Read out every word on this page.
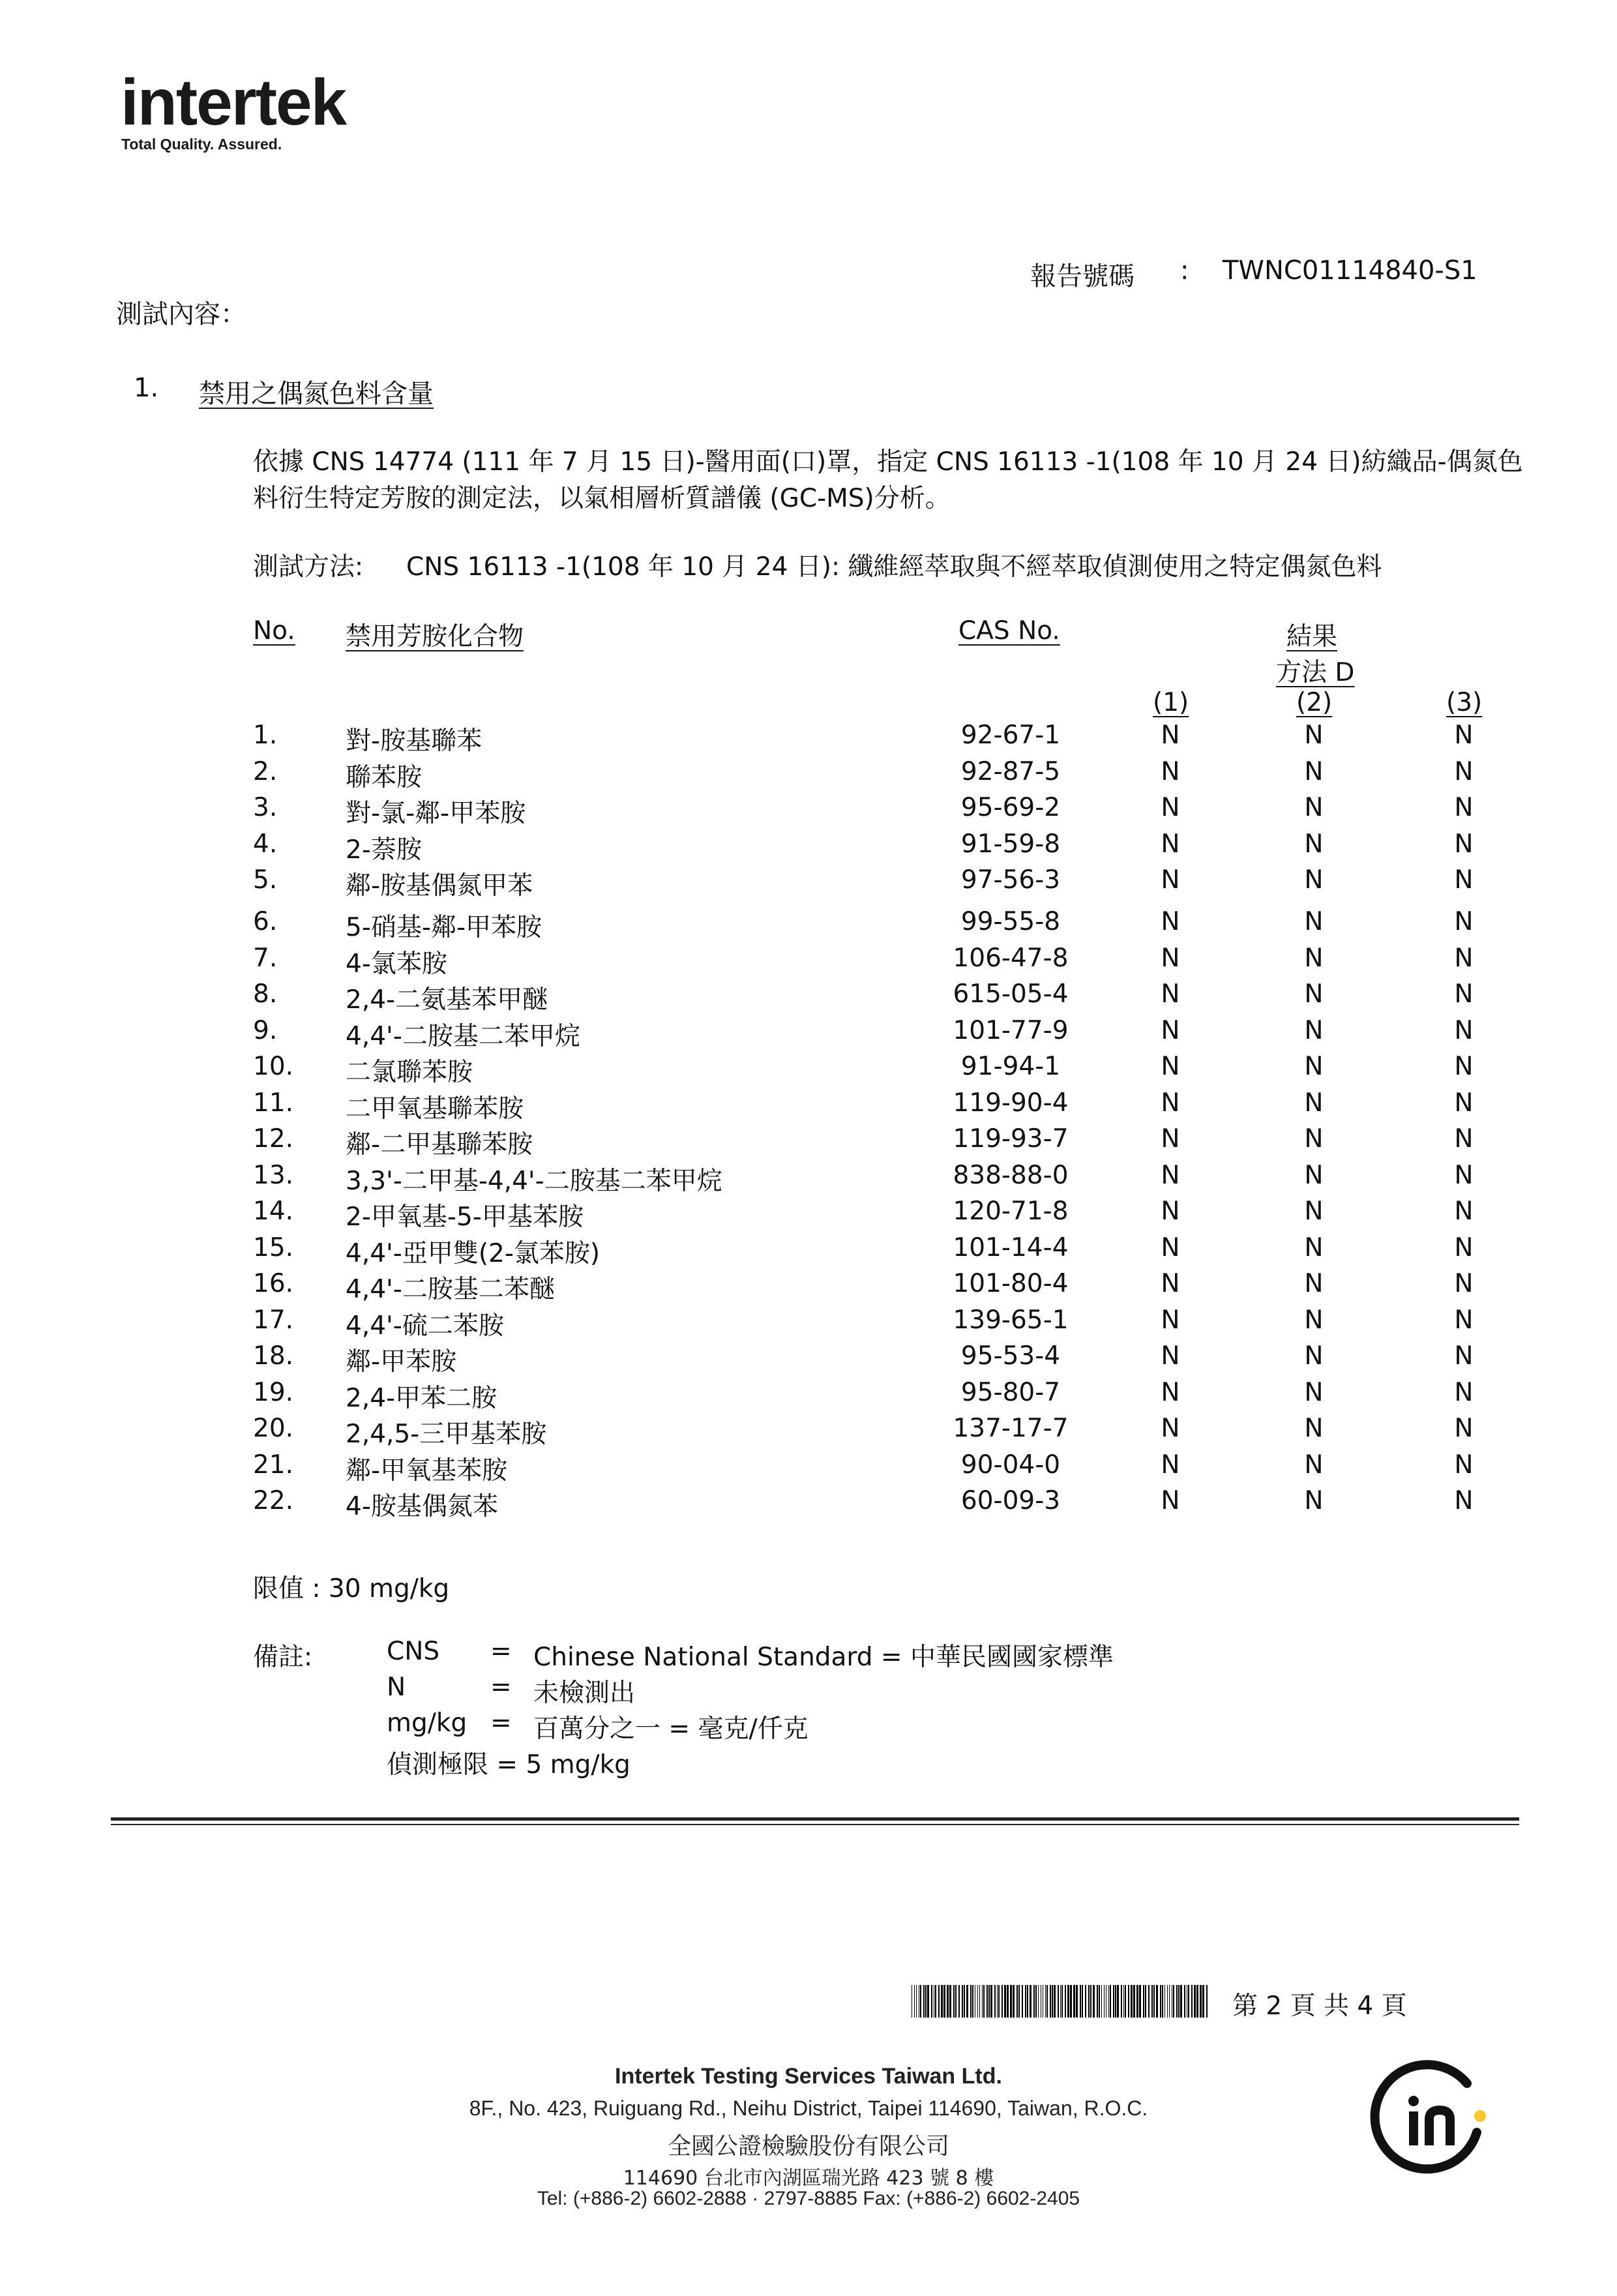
intertek
Total Quality. Assured.
報告號碼 : TWNC01114840-S1
測試內容：
1. 禁用之偶氮色料含量
依據 CNS 14774 (111 年 7 月 15 日)-醫用面(口)罩，指定 CNS 16113 -1(108 年 10 月 24 日)紡織品-偶氮色
料衍生特定芳胺的測定法，以氣相層析質譜儀 (GC-MS)分析。
測試方法: CNS 16113 -1(108 年 10 月 24 日): 纖維經萃取與不經萃取偵測使用之特定偶氮色料
No. 禁用芳胺化合物	CAS No.	結果
方法 D
(1)	(2)	(3)
1.	對-胺基聯苯	92-67-1	N	N	N
2.	聯苯胺	92-87-5	N	N	N
3.	對-氯-鄰-甲苯胺	95-69-2	N	N	N
4.	2-萘胺	91-59-8	N	N	N
5.	鄰-胺基偶氮甲苯	97-56-3	N	N	N
6.	5-硝基-鄰-甲苯胺	99-55-8	N	N	N
7.	4-氯苯胺	106-47-8	N	N	N
8.	2,4-二氨基苯甲醚	615-05-4	N	N	N
9.	4,4'-二胺基二苯甲烷	101-77-9	N	N	N
10. 二氯聯苯胺	91-94-1	N	N	N
11. 二甲氧基聯苯胺	119-90-4	N	N	N
12. 鄰-二甲基聯苯胺	119-93-7	N	N	N
13. 3,3'-二甲基-4,4'-二胺基二苯甲烷	838-88-0	N	N	N
14. 2-甲氧基-5-甲基苯胺	120-71-8	N	N	N
15. 4,4'-亞甲雙(2-氯苯胺)	101-14-4	N	N	N
16. 4,4'-二胺基二苯醚	101-80-4	N	N	N
17. 4,4'-硫二苯胺	139-65-1	N	N	N
18. 鄰-甲苯胺	95-53-4	N	N	N
19. 2,4-甲苯二胺	95-80-7	N	N	N
20. 2,4,5-三甲基苯胺	137-17-7	N	N	N
21. 鄰-甲氧基苯胺	90-04-0	N	N	N
22. 4-胺基偶氮苯	60-09-3	N	N	N
限值 : 30 mg/kg
備註:	CNS = Chinese National Standard = 中華民國國家標準
N	= 未檢測出
mg/kg = 百萬分之一 = 毫克/仟克
偵測極限 = 5 mg/kg
第 2 頁 共 4 頁
Intertek Testing Services Taiwan Ltd.
8F., No. 423, Ruiguang Rd., Neihu District, Taipei 114690, Taiwan, R.O.C.
全國公證檢驗股份有限公司
114690 台北市內湖區瑞光路 423 號 8 樓
Tel: (+886-2) 6602-2888 · 2797-8885 Fax: (+886-2) 6602-2405
